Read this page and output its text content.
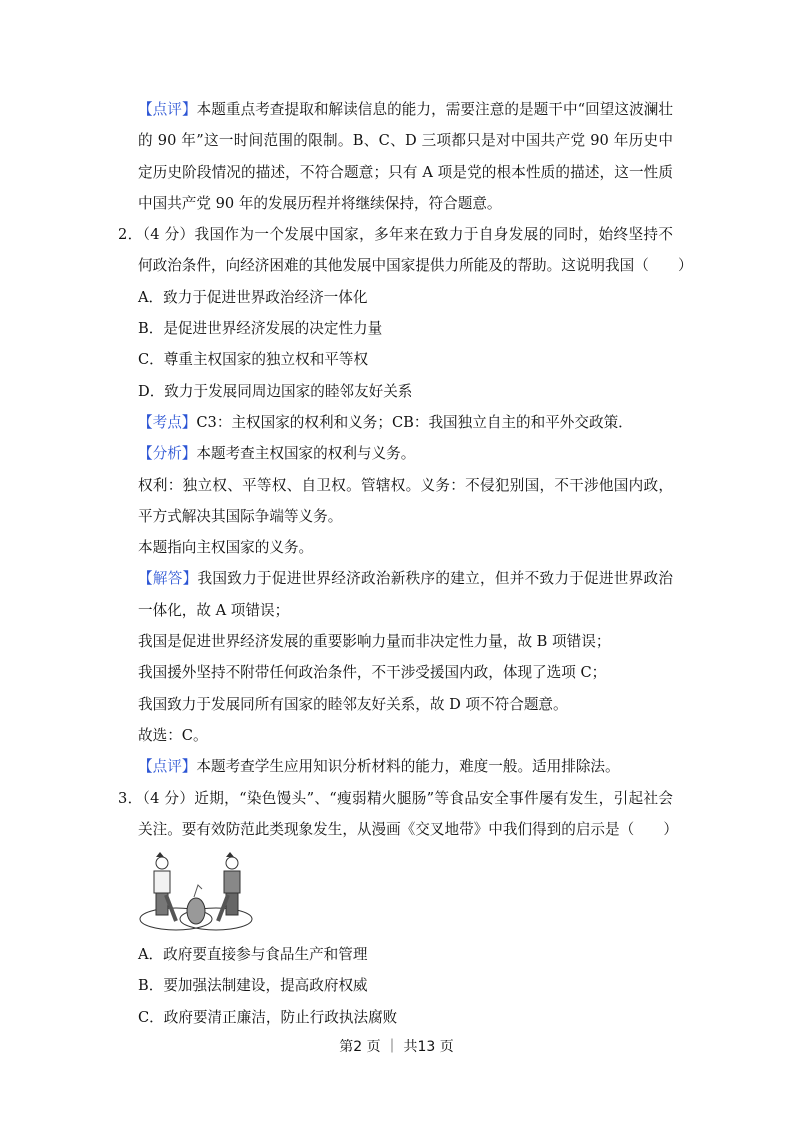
【点评】本题重点考查提取和解读信息的能力，需要注意的是题干中“回望这波澜壮
的 90 年”这一时间范围的限制。B、C、D 三项都只是对中国共产党 90 年历史中
定历史阶段情况的描述，不符合题意；只有 A 项是党的根本性质的描述，这一性质
中国共产党 90 年的发展历程并将继续保持，符合题意。
2．（4 分）我国作为一个发展中国家，多年来在致力于自身发展的同时，始终坚持不
何政治条件，向经济困难的其他发展中国家提供力所能及的帮助。这说明我国（　　）
A．致力于促进世界政治经济一体化
B．是促进世界经济发展的决定性力量
C．尊重主权国家的独立权和平等权
D．致力于发展同周边国家的睦邻友好关系
【考点】C3：主权国家的权利和义务；CB：我国独立自主的和平外交政策．
【分析】本题考查主权国家的权利与义务。
权利：独立权、平等权、自卫权。管辖权。义务：不侵犯别国，不干涉他国内政，
平方式解决其国际争端等义务。
本题指向主权国家的义务。
【解答】我国致力于促进世界经济政治新秩序的建立，但并不致力于促进世界政治
一体化，故 A 项错误；
我国是促进世界经济发展的重要影响力量而非决定性力量，故 B 项错误；
我国援外坚持不附带任何政治条件，不干涉受援国内政，体现了选项 C；
我国致力于发展同所有国家的睦邻友好关系，故 D 项不符合题意。
故选：C。
【点评】本题考查学生应用知识分析材料的能力，难度一般。适用排除法。
3．（4 分）近期，“染色馒头”、“瘦弱精火腿肠”等食品安全事件屡有发生，引起社会
关注。要有效防范此类现象发生，从漫画《交叉地带》中我们得到的启示是（　　）
A．政府要直接参与食品生产和管理
B．要加强法制建设，提高政府权威
C．政府要清正廉洁，防止行政执法腐败
第2 页 ｜ 共13 页
